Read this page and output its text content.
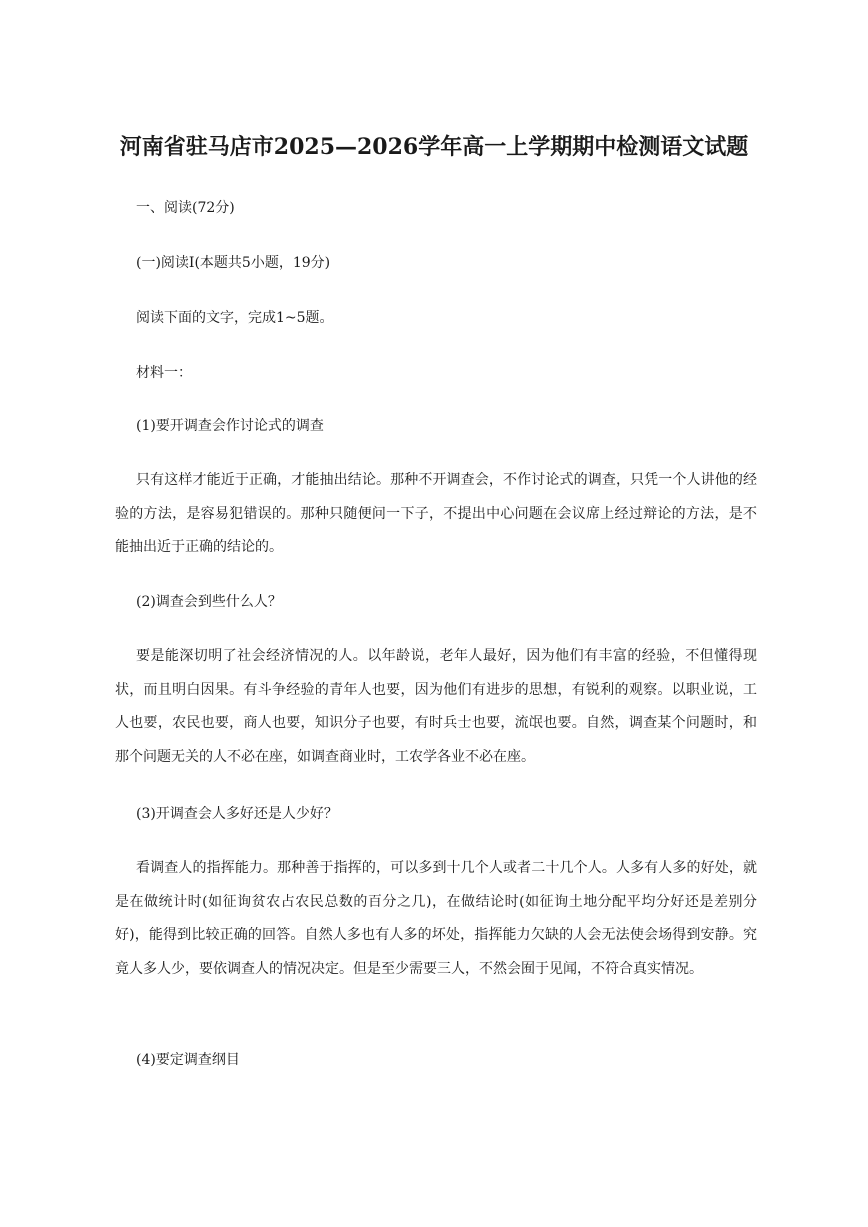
河南省驻马店市2025—2026学年高一上学期期中检测语文试题

一、阅读(72分)

(一)阅读I(本题共5小题，19分)

阅读下面的文字，完成1~5题。

材料一：

(1)要开调查会作讨论式的调查

只有这样才能近于正确，才能抽出结论。那种不开调查会，不作讨论式的调查，只凭一个人讲他的经验的方法，是容易犯错误的。那种只随便问一下子，不提出中心问题在会议席上经过辩论的方法，是不能抽出近于正确的结论的。

(2)调查会到些什么人？

要是能深切明了社会经济情况的人。以年龄说，老年人最好，因为他们有丰富的经验，不但懂得现状，而且明白因果。有斗争经验的青年人也要，因为他们有进步的思想，有锐利的观察。以职业说，工人也要，农民也要，商人也要，知识分子也要，有时兵士也要，流氓也要。自然，调查某个问题时，和那个问题无关的人不必在座，如调查商业时，工农学各业不必在座。

(3)开调查会人多好还是人少好？

看调查人的指挥能力。那种善于指挥的，可以多到十几个人或者二十几个人。人多有人多的好处，就是在做统计时(如征询贫农占农民总数的百分之几)，在做结论时(如征询土地分配平均分好还是差别分好)，能得到比较正确的回答。自然人多也有人多的坏处，指挥能力欠缺的人会无法使会场得到安静。究竟人多人少，要依调查人的情况决定。但是至少需要三人，不然会囿于见闻，不符合真实情况。

(4)要定调查纲目
